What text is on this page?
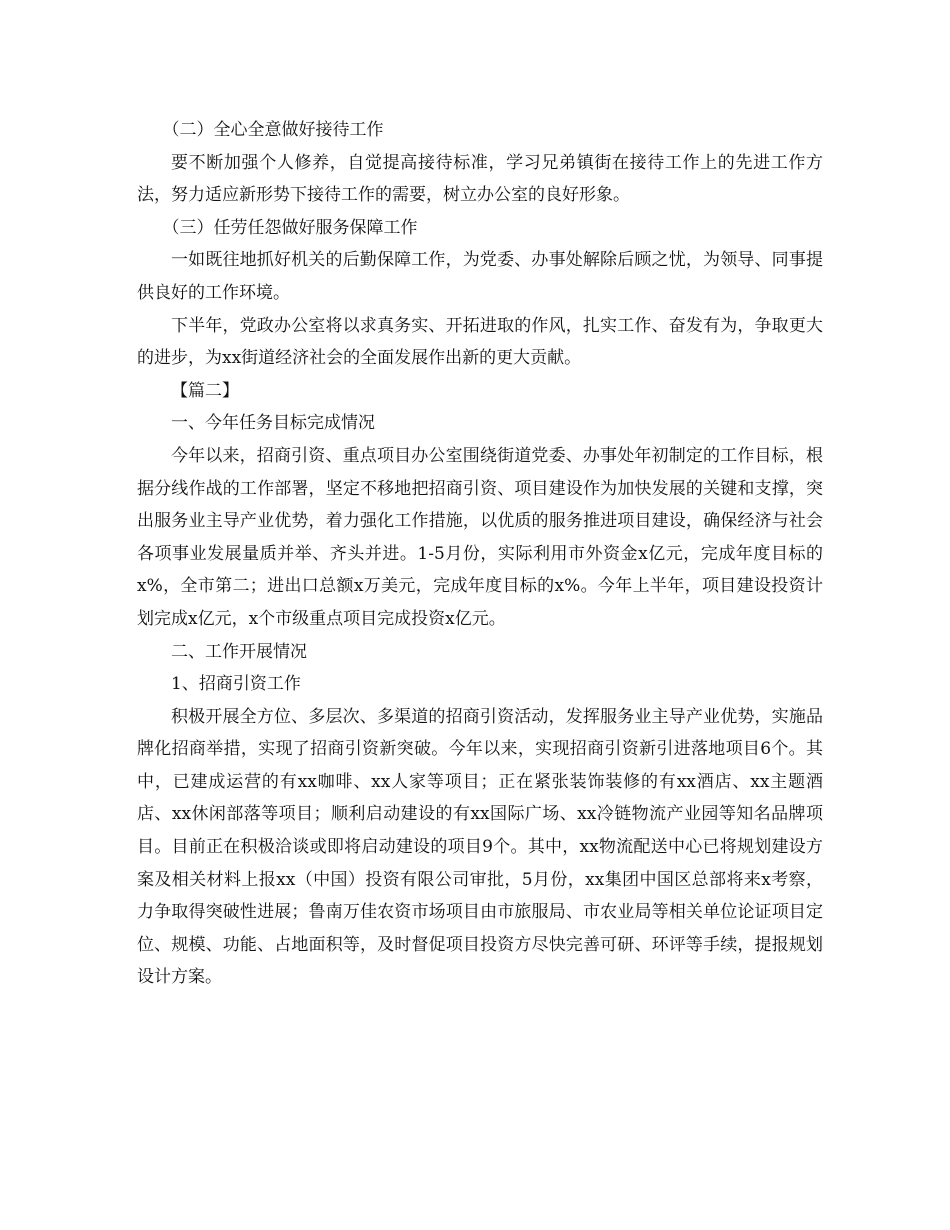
（二）全心全意做好接待工作

要不断加强个人修养，自觉提高接待标准，学习兄弟镇街在接待工作上的先进工作方法，努力适应新形势下接待工作的需要，树立办公室的良好形象。

（三）任劳任怨做好服务保障工作

一如既往地抓好机关的后勤保障工作，为党委、办事处解除后顾之忧，为领导、同事提供良好的工作环境。

下半年，党政办公室将以求真务实、开拓进取的作风，扎实工作、奋发有为，争取更大的进步，为xx街道经济社会的全面发展作出新的更大贡献。

【篇二】

一、今年任务目标完成情况

今年以来，招商引资、重点项目办公室围绕街道党委、办事处年初制定的工作目标，根据分线作战的工作部署，坚定不移地把招商引资、项目建设作为加快发展的关键和支撑，突出服务业主导产业优势，着力强化工作措施，以优质的服务推进项目建设，确保经济与社会各项事业发展量质并举、齐头并进。1-5月份，实际利用市外资金x亿元，完成年度目标的x%，全市第二；进出口总额x万美元，完成年度目标的x%。今年上半年，项目建设投资计划完成x亿元，x个市级重点项目完成投资x亿元。

二、工作开展情况

1、招商引资工作

积极开展全方位、多层次、多渠道的招商引资活动，发挥服务业主导产业优势，实施品牌化招商举措，实现了招商引资新突破。今年以来，实现招商引资新引进落地项目6个。其中，已建成运营的有xx咖啡、xx人家等项目；正在紧张装饰装修的有xx酒店、xx主题酒店、xx休闲部落等项目；顺利启动建设的有xx国际广场、xx冷链物流产业园等知名品牌项目。目前正在积极洽谈或即将启动建设的项目9个。其中，xx物流配送中心已将规划建设方案及相关材料上报xx（中国）投资有限公司审批，5月份，xx集团中国区总部将来x考察，力争取得突破性进展；鲁南万佳农资市场项目由市旅服局、市农业局等相关单位论证项目定位、规模、功能、占地面积等，及时督促项目投资方尽快完善可研、环评等手续，提报规划设计方案。
